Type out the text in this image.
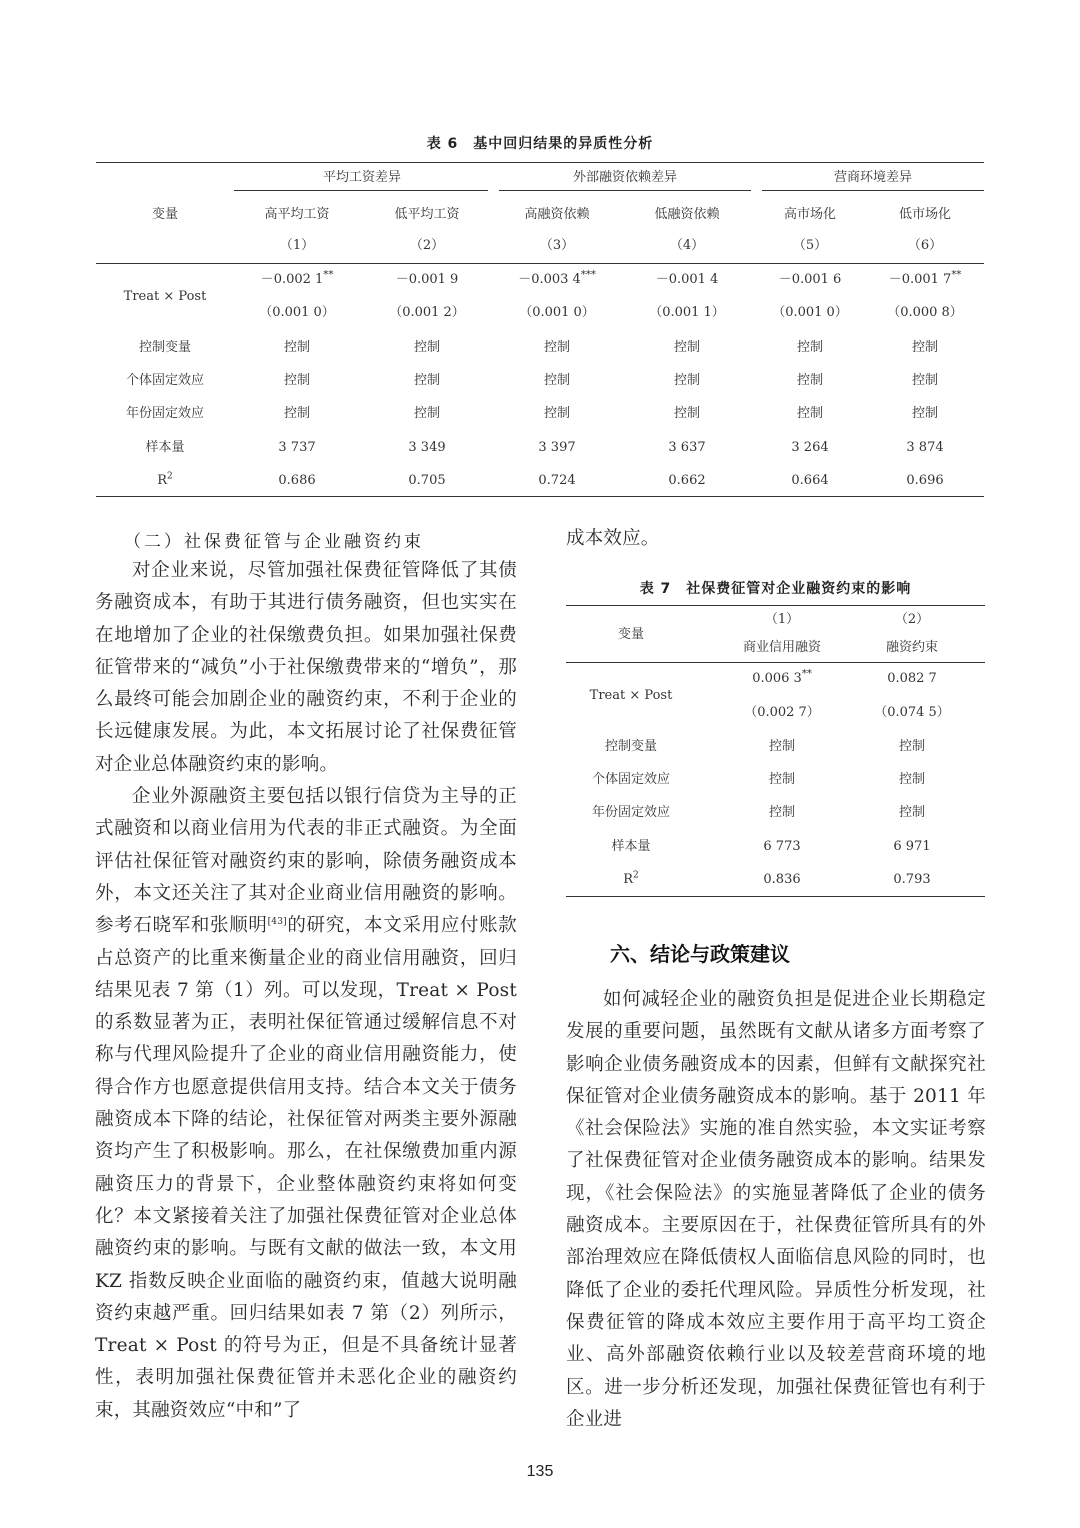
表 6　基中回归结果的异质性分析
平均工资差异	外部融资依赖差异	营商环境差异
变量	高平均工资	低平均工资	高融资依赖	低融资依赖	高市场化	低市场化
（1）	（2）	（3）	（4）	（5）	（6）
Treat × Post
－0.002 1**	－0.001 9	－0.003 4***	－0.001 4	－0.001 6	－0.001 7**
（0.001 0）	（0.001 2）	（0.001 0）	（0.001 1）	（0.001 0）	（0.000 8）
控制变量	控制	控制	控制	控制	控制	控制
个体固定效应	控制	控制	控制	控制	控制	控制
年份固定效应	控制	控制	控制	控制	控制	控制
样本量	3 737	3 349	3 397	3 637	3 264	3 874
$R^2$	0.686	0.705	0.724	0.662	0.664	0.696
（二）社保费征管与企业融资约束

对企业来说，尽管加强社保费征管降低了其债务融资成本，有助于其进行债务融资，但也实实在在地增加了企业的社保缴费负担。如果加强社保费征管带来的“减负”小于社保缴费带来的“增负”，那么最终可能会加剧企业的融资约束，不利于企业的长远健康发展。为此，本文拓展讨论了社保费征管对企业总体融资约束的影响。

企业外源融资主要包括以银行信贷为主导的正式融资和以商业信用为代表的非正式融资。为全面评估社保征管对融资约束的影响，除债务融资成本外，本文还关注了其对企业商业信用融资的影响。参考石晓军和张顺明[43]的研究，本文采用应付账款占总资产的比重来衡量企业的商业信用融资，回归结果见表 7 第（1）列。可以发现，Treat × Post 的系数显著为正，表明社保征管通过缓解信息不对称与代理风险提升了企业的商业信用融资能力，使得合作方也愿意提供信用支持。结合本文关于债务融资成本下降的结论，社保征管对两类主要外源融资均产生了积极影响。那么，在社保缴费加重内源融资压力的背景下，企业整体融资约束将如何变化？本文紧接着关注了加强社保费征管对企业总体融资约束的影响。与既有文献的做法一致，本文用 KZ 指数反映企业面临的融资约束，值越大说明融资约束越严重。回归结果如表 7 第（2）列所示，Treat × Post 的符号为正，但是不具备统计显著性，表明加强社保费征管并未恶化企业的融资约束，其融资效应“中和”了

成本效应。

表 7　社保费征管对企业融资约束的影响
变量
（1）	（2）
商业信用融资	融资约束
Treat × Post
0.006 3**	0.082 7
（0.002 7）	（0.074 5）
控制变量	控制	控制
个体固定效应	控制	控制
年份固定效应	控制	控制
样本量	6 773	6 971
$R^2$	0.836	0.793
六、结论与政策建议

如何减轻企业的融资负担是促进企业长期稳定发展的重要问题，虽然既有文献从诸多方面考察了影响企业债务融资成本的因素，但鲜有文献探究社保征管对企业债务融资成本的影响。基于 2011 年《社会保险法》实施的准自然实验，本文实证考察了社保费征管对企业债务融资成本的影响。结果发现，《社会保险法》的实施显著降低了企业的债务融资成本。主要原因在于，社保费征管所具有的外部治理效应在降低债权人面临信息风险的同时，也降低了企业的委托代理风险。异质性分析发现，社保费征管的降成本效应主要作用于高平均工资企业、高外部融资依赖行业以及较差营商环境的地区。进一步分析还发现，加强社保费征管也有利于企业进

135
